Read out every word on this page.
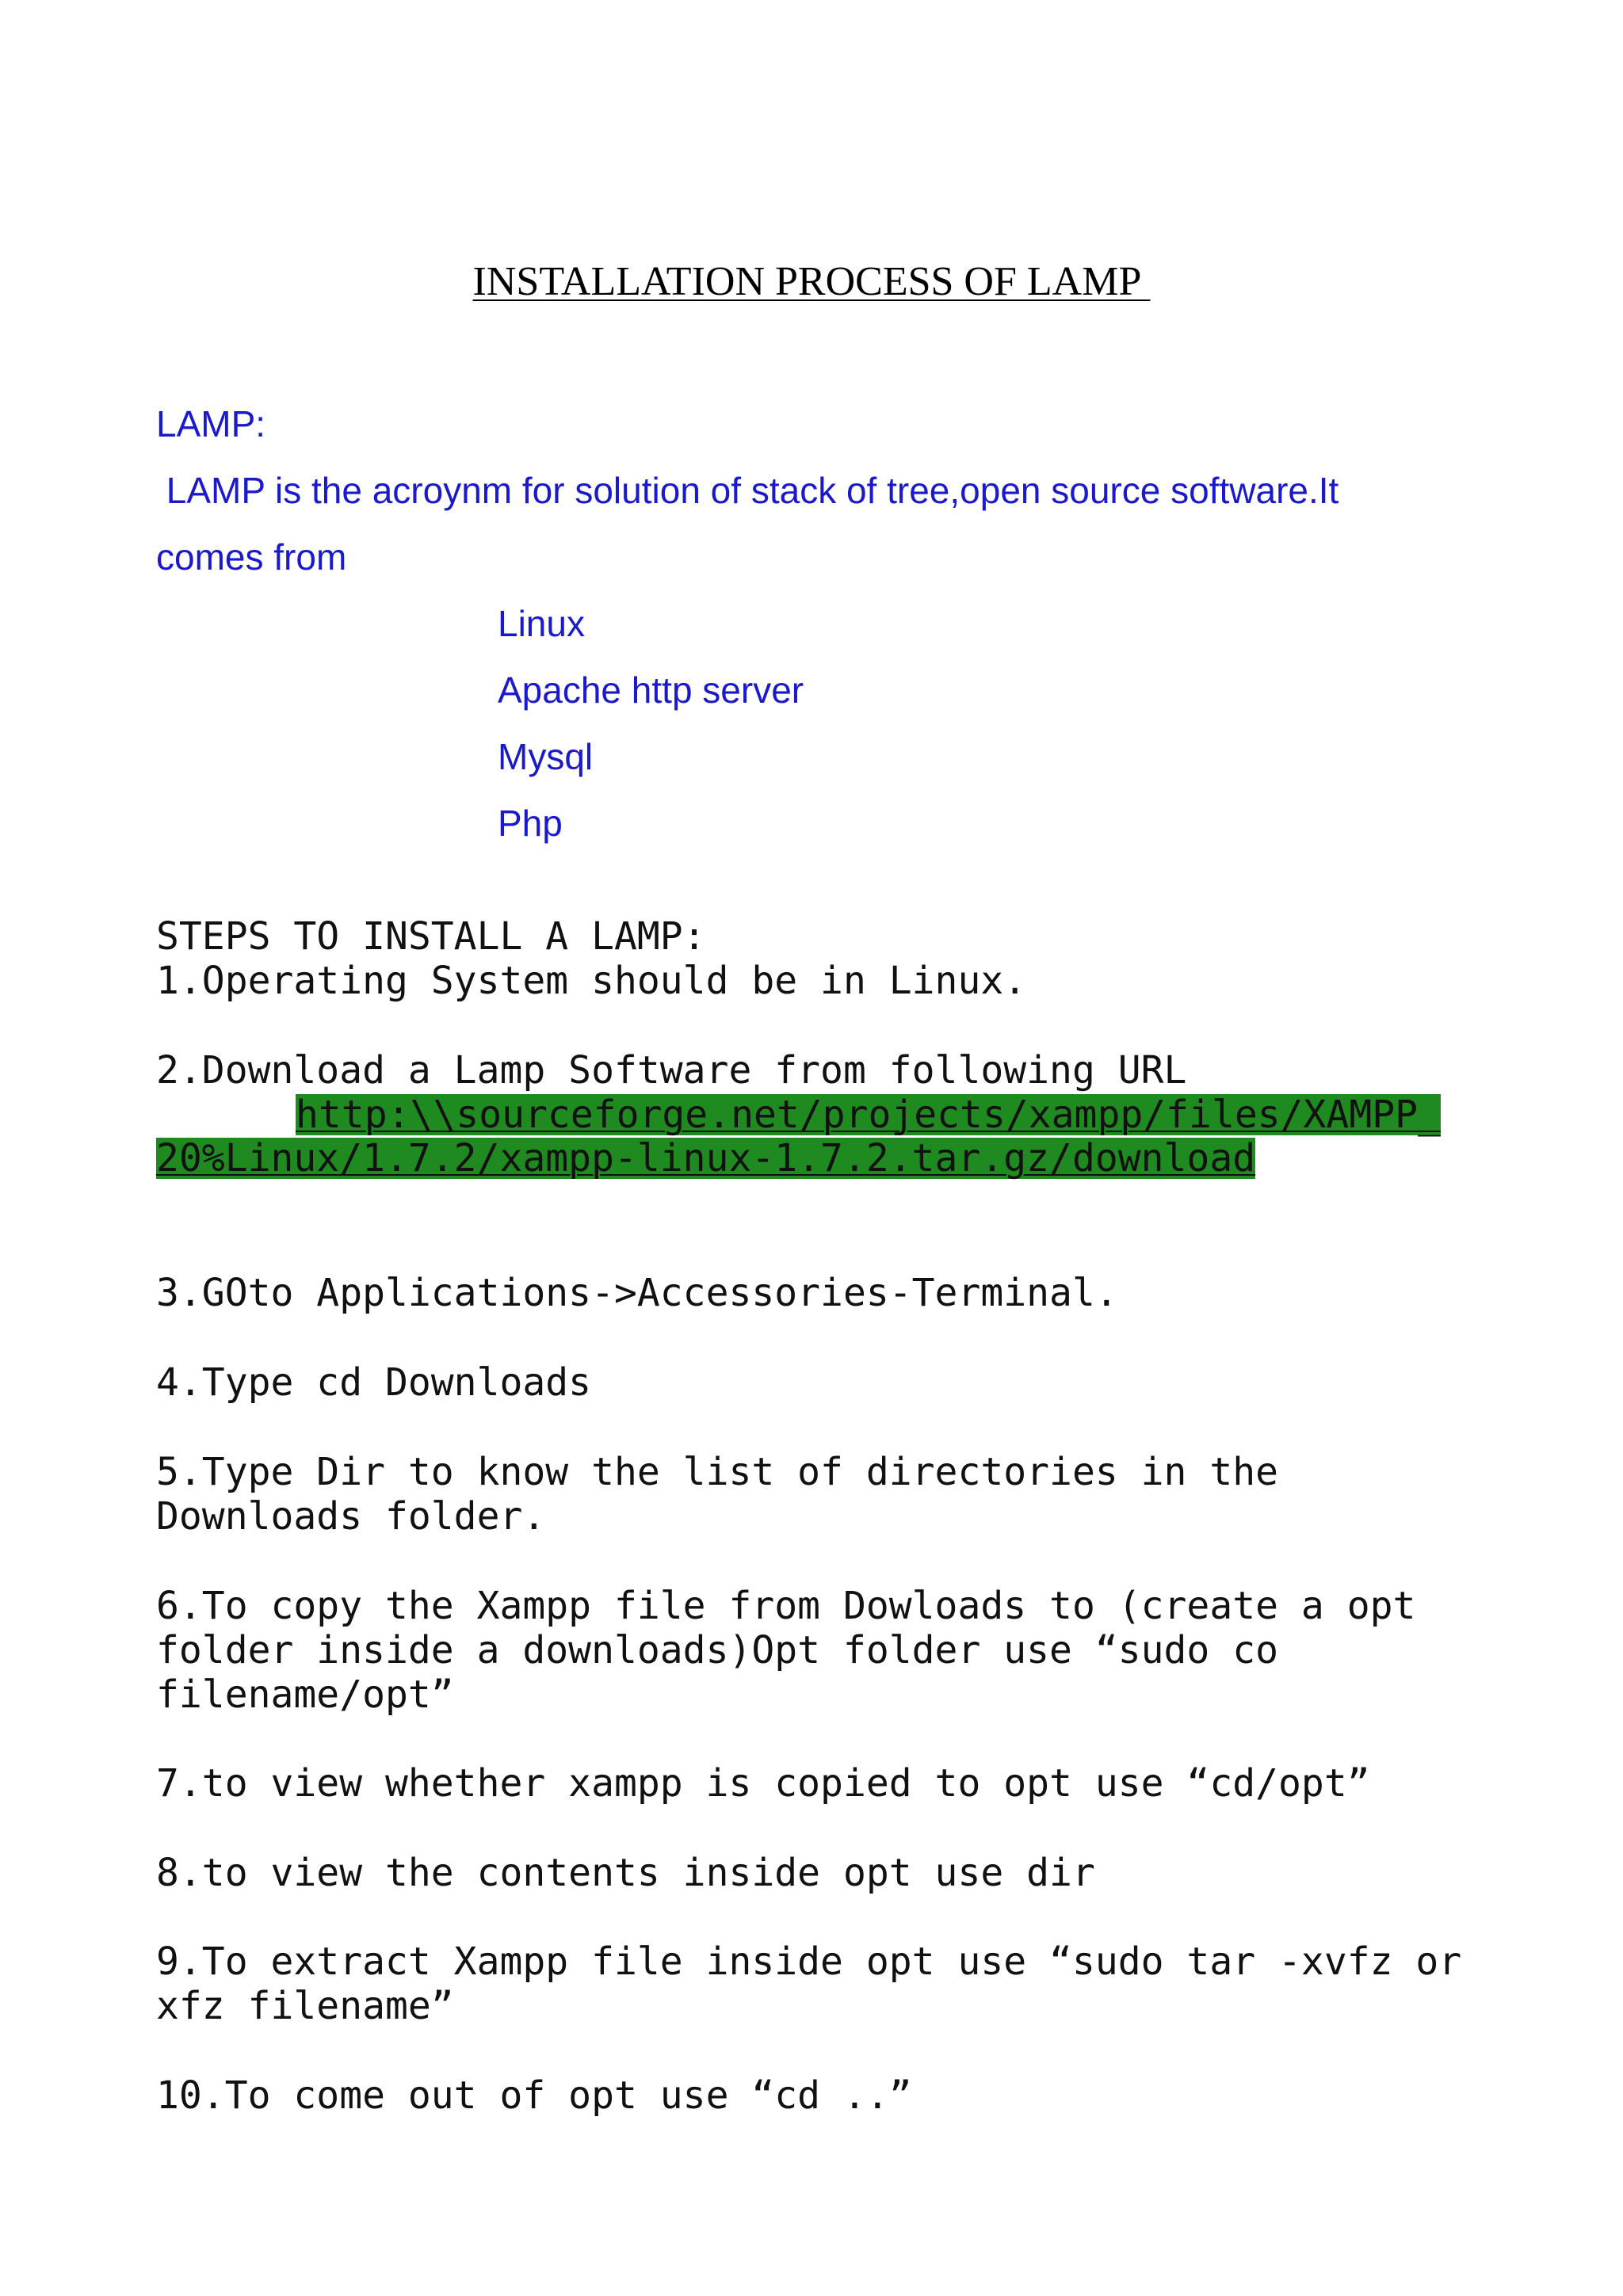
INSTALLATION PROCESS OF LAMP
LAMP:
LAMP is the acroynm for solution of stack of tree,open source software.It
comes from
Linux
Apache http server
Mysql
Php
STEPS TO INSTALL A LAMP:
1.Operating System should be in Linux.
2.Download a Lamp Software from following URL
http:\\sourceforge.net/projects/xampp/files/XAMPP_
20%Linux/1.7.2/xampp-linux-1.7.2.tar.gz/download
3.GOto Applications->Accessories-Terminal.
4.Type cd Downloads
5.Type Dir to know the list of directories in the
Downloads folder.
6.To copy the Xampp file from Dowloads to (create a opt
folder inside a downloads)Opt folder use “sudo co
filename/opt”
7.to view whether xampp is copied to opt use “cd/opt”
8.to view the contents inside opt use dir
9.To extract Xampp file inside opt use “sudo tar -xvfz or
xfz filename”
10.To come out of opt use “cd ..”
